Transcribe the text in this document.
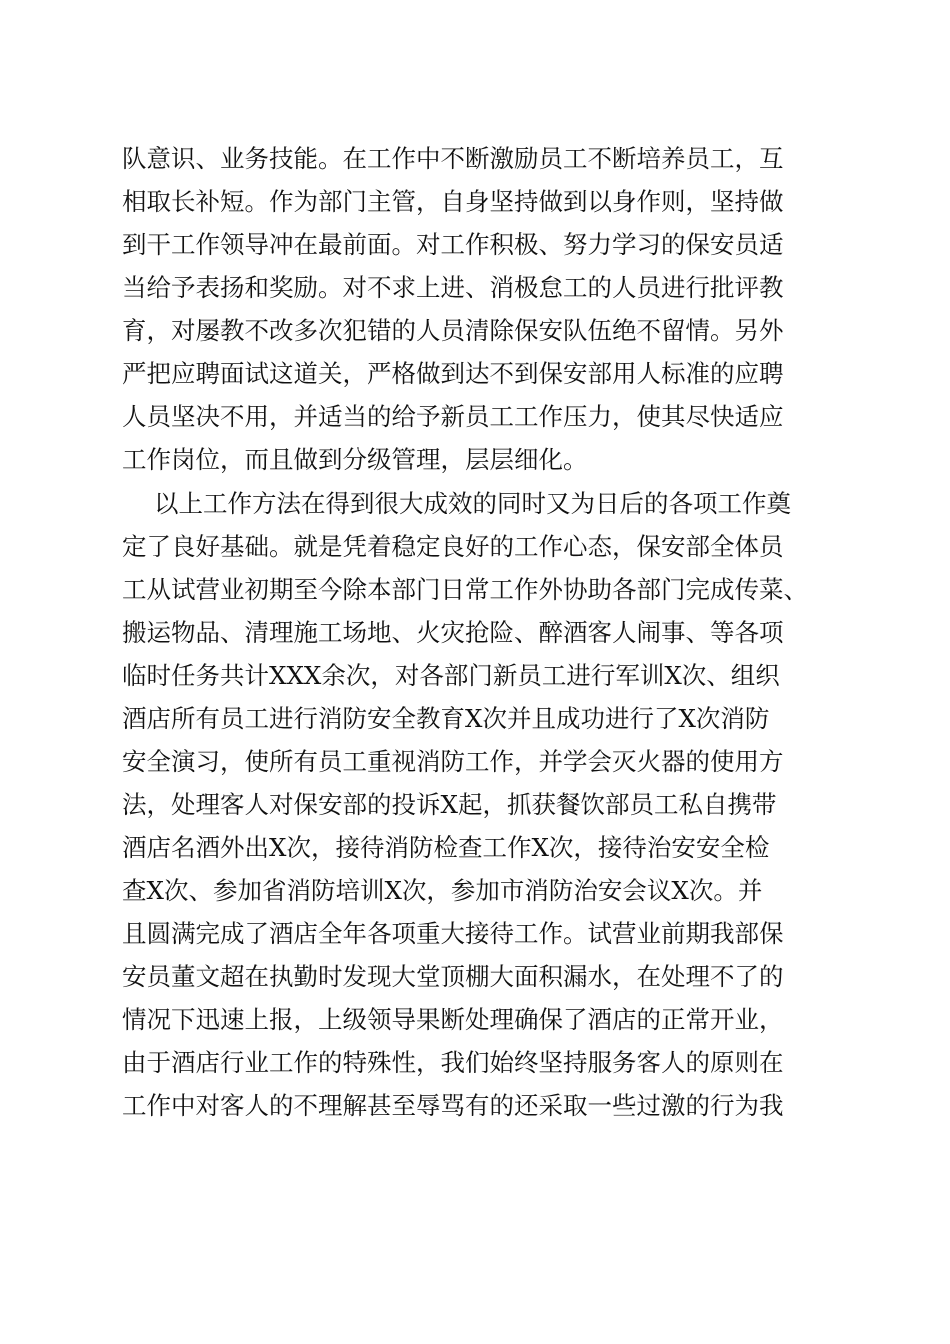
队意识、业务技能。在工作中不断激励员工不断培养员工，互
相取长补短。作为部门主管，自身坚持做到以身作则，坚持做
到干工作领导冲在最前面。对工作积极、努力学习的保安员适
当给予表扬和奖励。对不求上进、消极怠工的人员进行批评教
育，对屡教不改多次犯错的人员清除保安队伍绝不留情。另外
严把应聘面试这道关，严格做到达不到保安部用人标准的应聘
人员坚决不用，并适当的给予新员工工作压力，使其尽快适应
工作岗位，而且做到分级管理，层层细化。
以上工作方法在得到很大成效的同时又为日后的各项工作奠
定了良好基础。就是凭着稳定良好的工作心态，保安部全体员
工从试营业初期至今除本部门日常工作外协助各部门完成传菜、
搬运物品、清理施工场地、火灾抢险、醉酒客人闹事、等各项
临时任务共计XXX余次，对各部门新员工进行军训X次、组织
酒店所有员工进行消防安全教育X次并且成功进行了X次消防
安全演习，使所有员工重视消防工作，并学会灭火器的使用方
法，处理客人对保安部的投诉X起，抓获餐饮部员工私自携带
酒店名酒外出X次，接待消防检查工作X次，接待治安安全检
查X次、参加省消防培训X次，参加市消防治安会议X次。并
且圆满完成了酒店全年各项重大接待工作。试营业前期我部保
安员董文超在执勤时发现大堂顶棚大面积漏水，在处理不了的
情况下迅速上报，上级领导果断处理确保了酒店的正常开业，
由于酒店行业工作的特殊性，我们始终坚持服务客人的原则在
工作中对客人的不理解甚至辱骂有的还采取一些过激的行为我
